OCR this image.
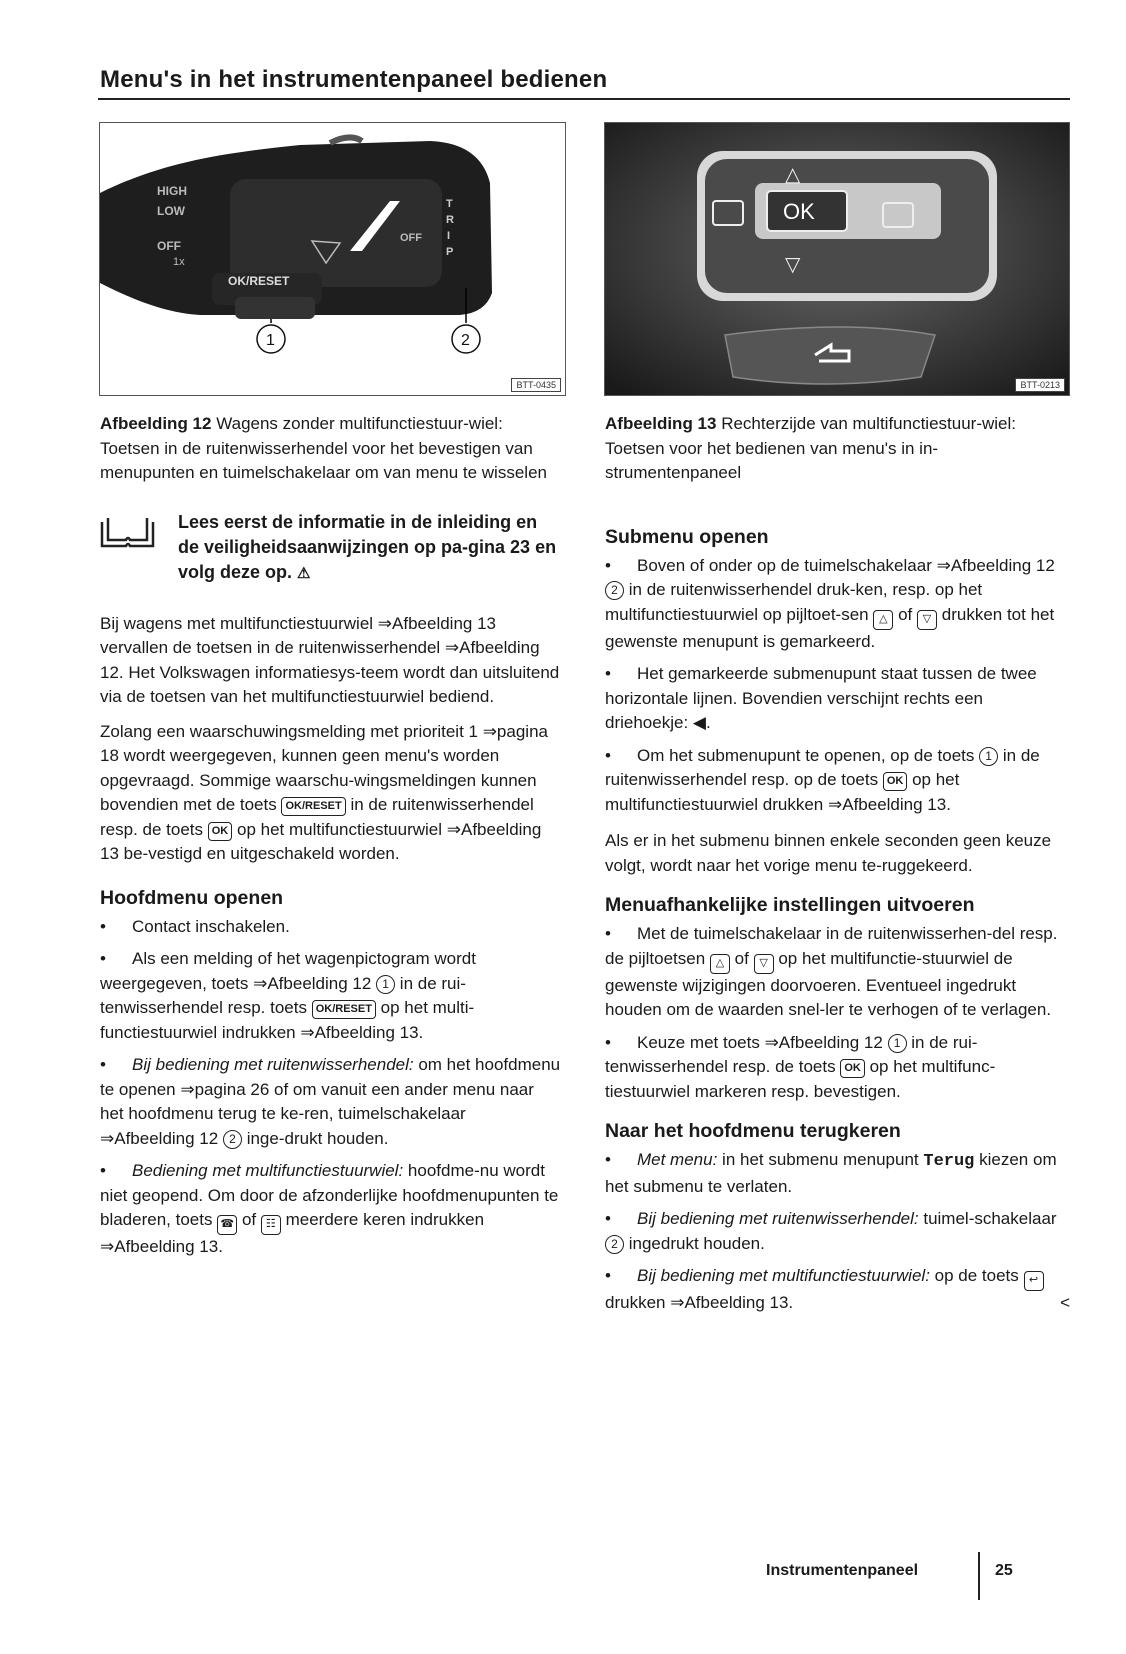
Menu's in het instrumentenpaneel bedienen
HIGH
LOW
OFF
1x
OK/RESET
OFF
T
R
I
P
1	2
BTT-0435
OK
△
▽
BTT-0213
Afbeelding 12 Wagens zonder multifunctiestuur-wiel: Toetsen in de ruitenwisserhendel voor het bevestigen van menupunten en tuimelschakelaar om van menu te wisselen
Lees eerst de informatie in de inleiding en de veiligheidsaanwijzingen op pa-gina 23 en volg deze op. ⚠
Bij wagens met multifunctiestuurwiel ⇒Afbeelding 13 vervallen de toetsen in de ruitenwisserhendel ⇒Afbeelding 12. Het Volkswagen informatiesys-teem wordt dan uitsluitend via de toetsen van het multifunctiestuurwiel bediend.
Zolang een waarschuwingsmelding met prioriteit 1 ⇒pagina 18 wordt weergegeven, kunnen geen menu's worden opgevraagd. Sommige waarschu-wingsmeldingen kunnen bovendien met de toets OK/RESET in de ruitenwisserhendel resp. de toets OK op het multifunctiestuurwiel ⇒Afbeelding 13 be-vestigd en uitgeschakeld worden.
Hoofdmenu openen
• Contact inschakelen.
• Als een melding of het wagenpictogram wordt weergegeven, toets ⇒Afbeelding 12 1 in de rui-tenwisserhendel resp. toets OK/RESET op het multi-functiestuurwiel indrukken ⇒Afbeelding 13.
• Bij bediening met ruitenwisserhendel: om het hoofdmenu te openen ⇒pagina 26 of om vanuit een ander menu naar het hoofdmenu terug te ke-ren, tuimelschakelaar ⇒Afbeelding 12 2 inge-drukt houden.
• Bediening met multifunctiestuurwiel: hoofdme-nu wordt niet geopend. Om door de afzonderlijke hoofdmenupunten te bladeren, toets ☎ of ☷ meerdere keren indrukken ⇒Afbeelding 13.
Afbeelding 13 Rechterzijde van multifunctiestuur-wiel: Toetsen voor het bedienen van menu's in in-strumentenpaneel
Submenu openen
• Boven of onder op de tuimelschakelaar ⇒Afbeelding 12 2 in de ruitenwisserhendel druk-ken, resp. op het multifunctiestuurwiel op pijltoet-sen △ of ▽ drukken tot het gewenste menupunt is gemarkeerd.
• Het gemarkeerde submenupunt staat tussen de twee horizontale lijnen. Bovendien verschijnt rechts een driehoekje: ◀.
• Om het submenupunt te openen, op de toets 1 in de ruitenwisserhendel resp. op de toets OK op het multifunctiestuurwiel drukken ⇒Afbeelding 13.
Als er in het submenu binnen enkele seconden geen keuze volgt, wordt naar het vorige menu te-ruggekeerd.
Menuafhankelijke instellingen uitvoeren
• Met de tuimelschakelaar in de ruitenwisserhen-del resp. de pijltoetsen △ of ▽ op het multifunctie-stuurwiel de gewenste wijzigingen doorvoeren. Eventueel ingedrukt houden om de waarden snel-ler te verhogen of te verlagen.
• Keuze met toets ⇒Afbeelding 12 1 in de rui-tenwisserhendel resp. de toets OK op het multifunc-tiestuurwiel markeren resp. bevestigen.
Naar het hoofdmenu terugkeren
• Met menu: in het submenu menupunt Terug kiezen om het submenu te verlaten.
• Bij bediening met ruitenwisserhendel: tuimel-schakelaar 2 ingedrukt houden.
• Bij bediening met multifunctiestuurwiel: op de toets ↩ drukken ⇒Afbeelding 13.	<
Instrumentenpaneel	25
